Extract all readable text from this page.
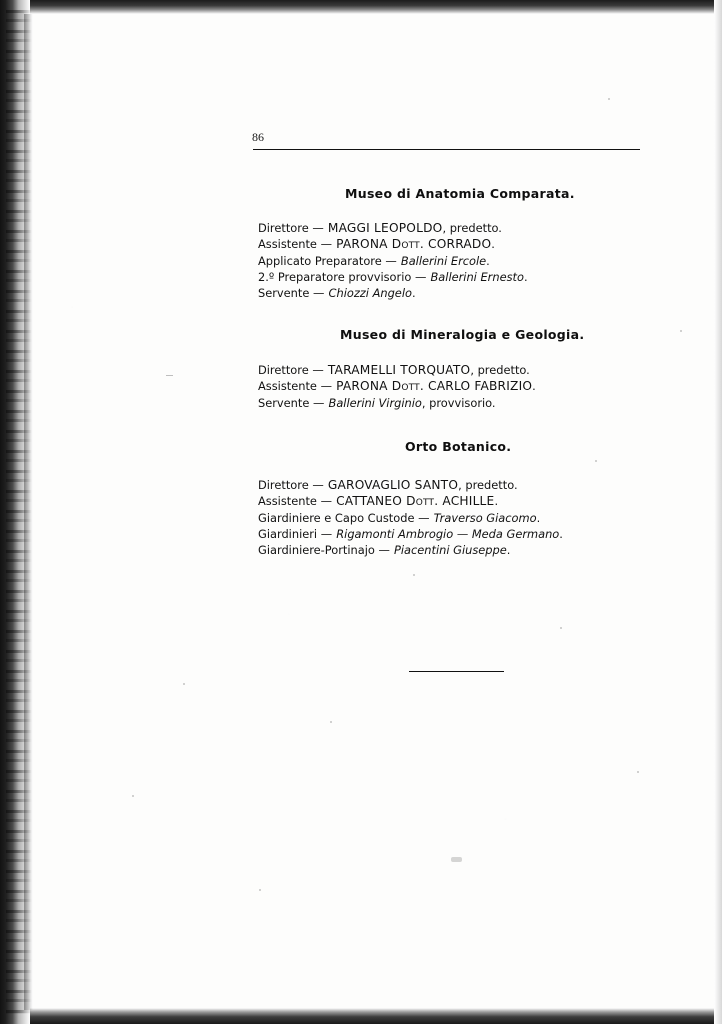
86
Museo di Anatomia Comparata.
Direttore — MAGGI LEOPOLDO, predetto.
Assistente — PARONA Dott. CORRADO.
Applicato Preparatore — Ballerini Ercole.
2.º Preparatore provvisorio — Ballerini Ernesto.
Servente — Chiozzi Angelo.
Museo di Mineralogia e Geologia.
Direttore — TARAMELLI TORQUATO, predetto.
Assistente — PARONA Dott. CARLO FABRIZIO.
Servente — Ballerini Virginio, provvisorio.
Orto Botanico.
Direttore — GAROVAGLIO SANTO, predetto.
Assistente — CATTANEO Dott. ACHILLE.
Giardiniere e Capo Custode — Traverso Giacomo.
Giardinieri — Rigamonti Ambrogio — Meda Germano.
Giardiniere-Portinajo — Piacentini Giuseppe.
